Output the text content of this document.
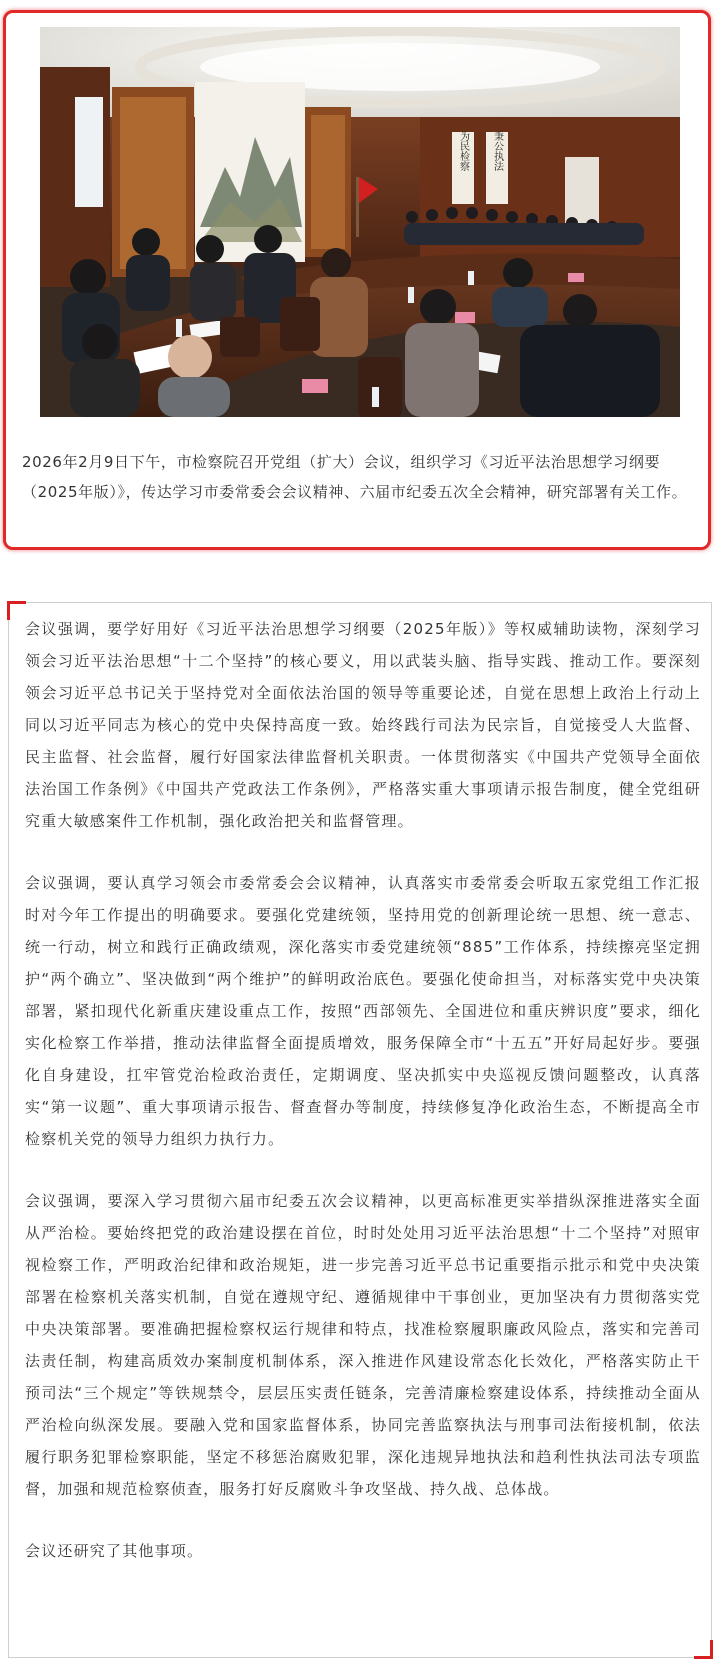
为民检察 秉公执法

2026年2月9日下午，市检察院召开党组（扩大）会议，组织学习《习近平法治思想学习纲要（2025年版）》，传达学习市委常委会会议精神、六届市纪委五次全会精神，研究部署有关工作。

会议强调，要学好用好《习近平法治思想学习纲要（2025年版）》等权威辅助读物，深刻学习领会习近平法治思想“十二个坚持”的核心要义，用以武装头脑、指导实践、推动工作。要深刻领会习近平总书记关于坚持党对全面依法治国的领导等重要论述，自觉在思想上政治上行动上同以习近平同志为核心的党中央保持高度一致。始终践行司法为民宗旨，自觉接受人大监督、民主监督、社会监督，履行好国家法律监督机关职责。一体贯彻落实《中国共产党领导全面依法治国工作条例》《中国共产党政法工作条例》，严格落实重大事项请示报告制度，健全党组研究重大敏感案件工作机制，强化政治把关和监督管理。

会议强调，要认真学习领会市委常委会会议精神，认真落实市委常委会听取五家党组工作汇报时对今年工作提出的明确要求。要强化党建统领，坚持用党的创新理论统一思想、统一意志、统一行动，树立和践行正确政绩观，深化落实市委党建统领“885”工作体系，持续擦亮坚定拥护“两个确立”、坚决做到“两个维护”的鲜明政治底色。要强化使命担当，对标落实党中央决策部署，紧扣现代化新重庆建设重点工作，按照“西部领先、全国进位和重庆辨识度”要求，细化实化检察工作举措，推动法律监督全面提质增效，服务保障全市“十五五”开好局起好步。要强化自身建设，扛牢管党治检政治责任，定期调度、坚决抓实中央巡视反馈问题整改，认真落实“第一议题”、重大事项请示报告、督查督办等制度，持续修复净化政治生态，不断提高全市检察机关党的领导力组织力执行力。

会议强调，要深入学习贯彻六届市纪委五次会议精神，以更高标准更实举措纵深推进落实全面从严治检。要始终把党的政治建设摆在首位，时时处处用习近平法治思想“十二个坚持”对照审视检察工作，严明政治纪律和政治规矩，进一步完善习近平总书记重要指示批示和党中央决策部署在检察机关落实机制，自觉在遵规守纪、遵循规律中干事创业，更加坚决有力贯彻落实党中央决策部署。要准确把握检察权运行规律和特点，找准检察履职廉政风险点，落实和完善司法责任制，构建高质效办案制度机制体系，深入推进作风建设常态化长效化，严格落实防止干预司法“三个规定”等铁规禁令，层层压实责任链条，完善清廉检察建设体系，持续推动全面从严治检向纵深发展。要融入党和国家监督体系，协同完善监察执法与刑事司法衔接机制，依法履行职务犯罪检察职能，坚定不移惩治腐败犯罪，深化违规异地执法和趋利性执法司法专项监督，加强和规范检察侦查，服务打好反腐败斗争攻坚战、持久战、总体战。

会议还研究了其他事项。
